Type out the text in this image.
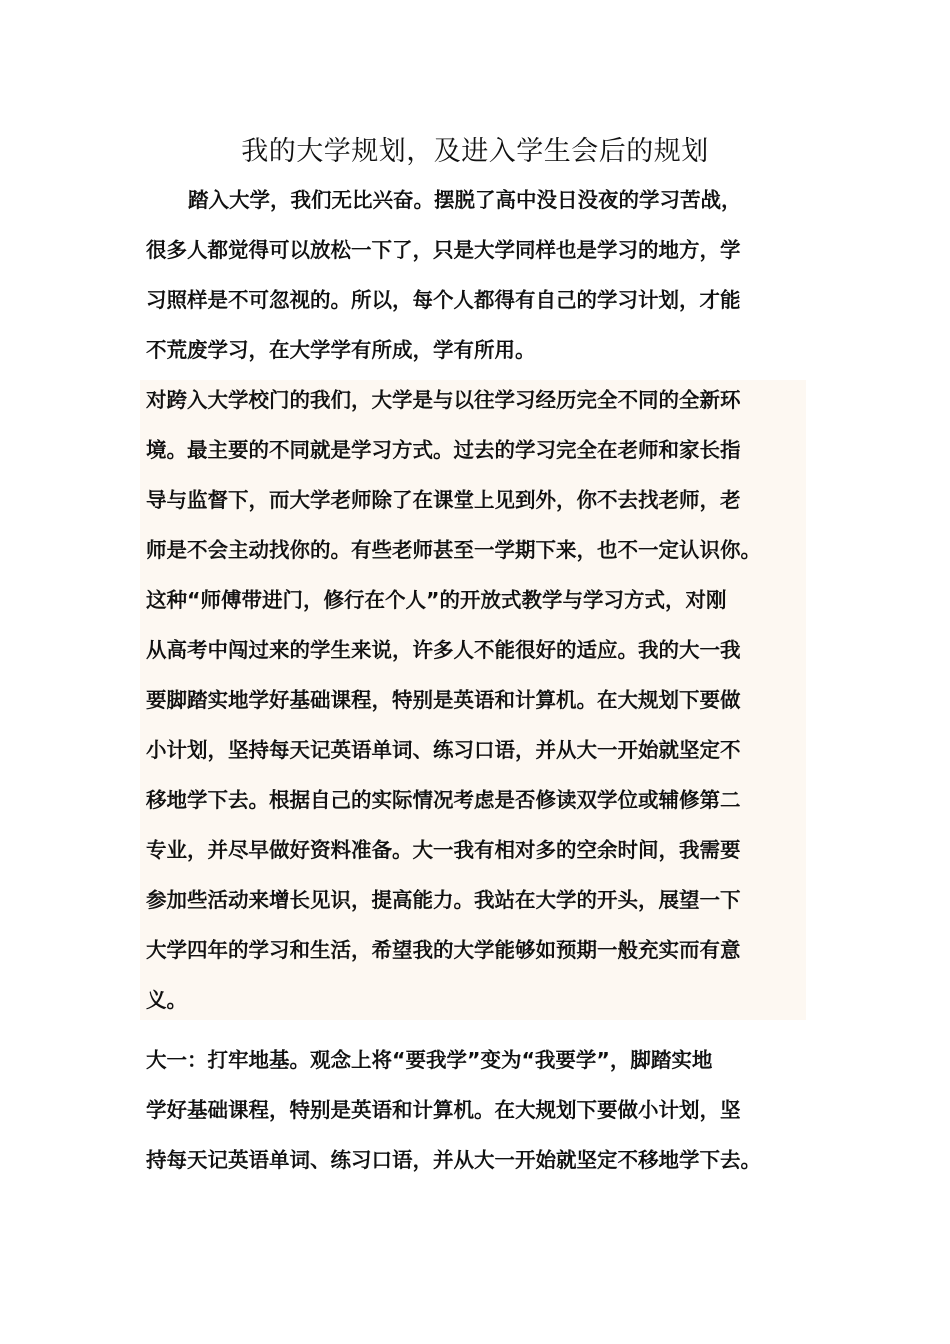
我的大学规划，及进入学生会后的规划
踏入大学，我们无比兴奋。摆脱了高中没日没夜的学习苦战，
很多人都觉得可以放松一下了，只是大学同样也是学习的地方，学
习照样是不可忽视的。所以，每个人都得有自己的学习计划，才能
不荒废学习，在大学学有所成，学有所用。
对跨入大学校门的我们，大学是与以往学习经历完全不同的全新环
境。最主要的不同就是学习方式。过去的学习完全在老师和家长指
导与监督下，而大学老师除了在课堂上见到外，你不去找老师，老
师是不会主动找你的。有些老师甚至一学期下来，也不一定认识你。
这种“师傅带进门，修行在个人”的开放式教学与学习方式，对刚
从高考中闯过来的学生来说，许多人不能很好的适应。我的大一我
要脚踏实地学好基础课程，特别是英语和计算机。在大规划下要做
小计划，坚持每天记英语单词、练习口语，并从大一开始就坚定不
移地学下去。根据自己的实际情况考虑是否修读双学位或辅修第二
专业，并尽早做好资料准备。大一我有相对多的空余时间，我需要
参加些活动来增长见识，提高能力。我站在大学的开头，展望一下
大学四年的学习和生活，希望我的大学能够如预期一般充实而有意
义。
大一：打牢地基。观念上将“要我学”变为“我要学”，脚踏实地
学好基础课程，特别是英语和计算机。在大规划下要做小计划，坚
持每天记英语单词、练习口语，并从大一开始就坚定不移地学下去。
